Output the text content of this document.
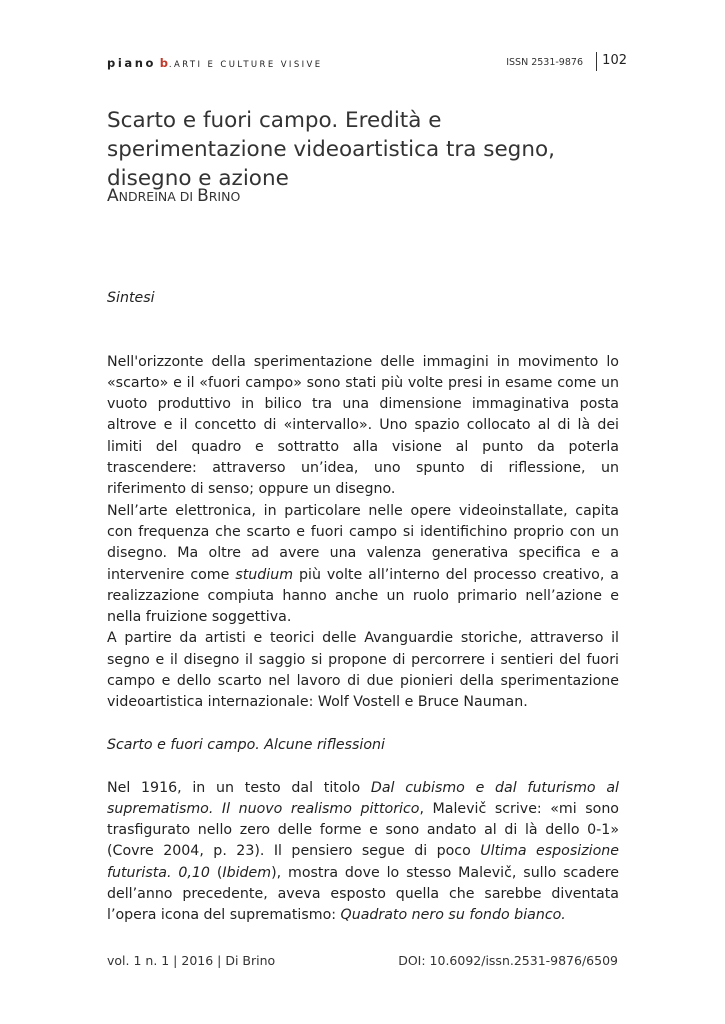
piano b.ARTI E CULTURE VISIVE	ISSN 2531-9876 102
Scarto e fuori campo. Eredità e sperimentazione videoartistica tra segno, disegno e azione
ANDREINA DI BRINO

Sintesi

Nell'orizzonte della sperimentazione delle immagini in movimento lo «scarto» e il «fuori campo» sono stati più volte presi in esame come un vuoto produttivo in bilico tra una dimensione immaginativa posta altrove e il concetto di «intervallo». Uno spazio collocato al di là dei limiti del quadro e sottratto alla visione al punto da poterla trascendere: attraverso un’idea, uno spunto di riflessione, un riferimento di senso; oppure un disegno.

Nell’arte elettronica, in particolare nelle opere videoinstallate, capita con frequenza che scarto e fuori campo si identifichino proprio con un disegno. Ma oltre ad avere una valenza generativa specifica e a intervenire come studium più volte all’interno del processo creativo, a realizzazione compiuta hanno anche un ruolo primario nell’azione e nella fruizione soggettiva.

A partire da artisti e teorici delle Avanguardie storiche, attraverso il segno e il disegno il saggio si propone di percorrere i sentieri del fuori campo e dello scarto nel lavoro di due pionieri della sperimentazione videoartistica internazionale: Wolf Vostell e Bruce Nauman.

Scarto e fuori campo. Alcune riflessioni

Nel 1916, in un testo dal titolo Dal cubismo e dal futurismo al suprematismo. Il nuovo realismo pittorico, Malevič scrive: «mi sono trasfigurato nello zero delle forme e sono andato al di là dello 0-1» (Covre 2004, p. 23). Il pensiero segue di poco Ultima esposizione futurista. 0,10 (Ibidem), mostra dove lo stesso Malevič, sullo scadere dell’anno precedente, aveva esposto quella che sarebbe diventata l’opera icona del suprematismo: Quadrato nero su fondo bianco.

vol. 1 n. 1 | 2016 | Di Brino	DOI: 10.6092/issn.2531-9876/6509
